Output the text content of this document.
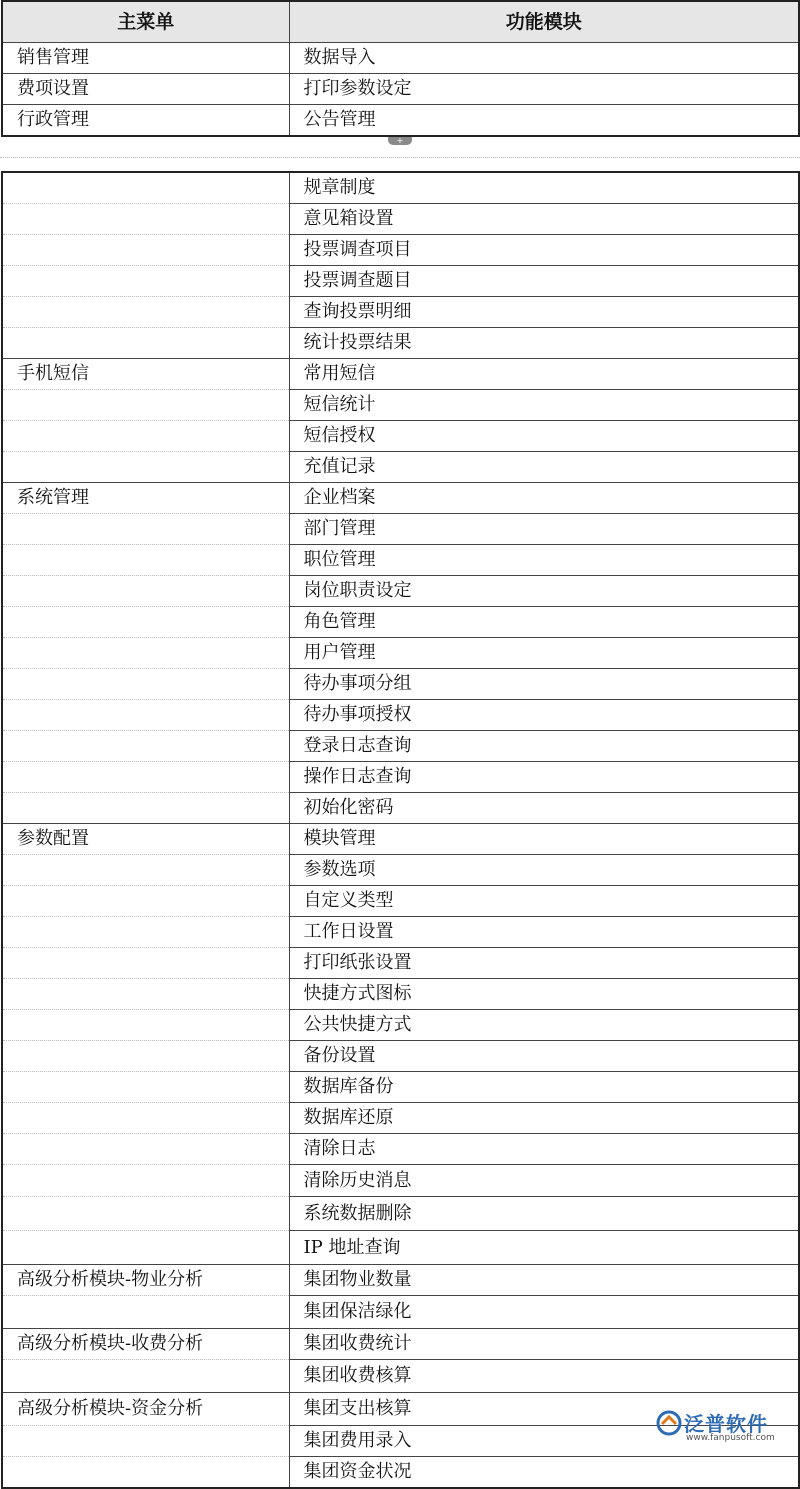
主菜单	功能模块
销售管理	数据导入
费项设置	打印参数设定
行政管理	公告管理
+
	规章制度
	意见箱设置
	投票调查项目
	投票调查题目
	查询投票明细
	统计投票结果
手机短信	常用短信
	短信统计
	短信授权
	充值记录
系统管理	企业档案
	部门管理
	职位管理
	岗位职责设定
	角色管理
	用户管理
	待办事项分组
	待办事项授权
	登录日志查询
	操作日志查询
	初始化密码
参数配置	模块管理
	参数选项
	自定义类型
	工作日设置
	打印纸张设置
	快捷方式图标
	公共快捷方式
	备份设置
	数据库备份
	数据库还原
	清除日志
	清除历史消息
	系统数据删除
	IP 地址查询
高级分析模块-物业分析	集团物业数量
	集团保洁绿化
高级分析模块-收费分析	集团收费统计
	集团收费核算
高级分析模块-资金分析	集团支出核算
	集团费用录入
	集团资金状况
泛普软件
www.fanpusoft.com
